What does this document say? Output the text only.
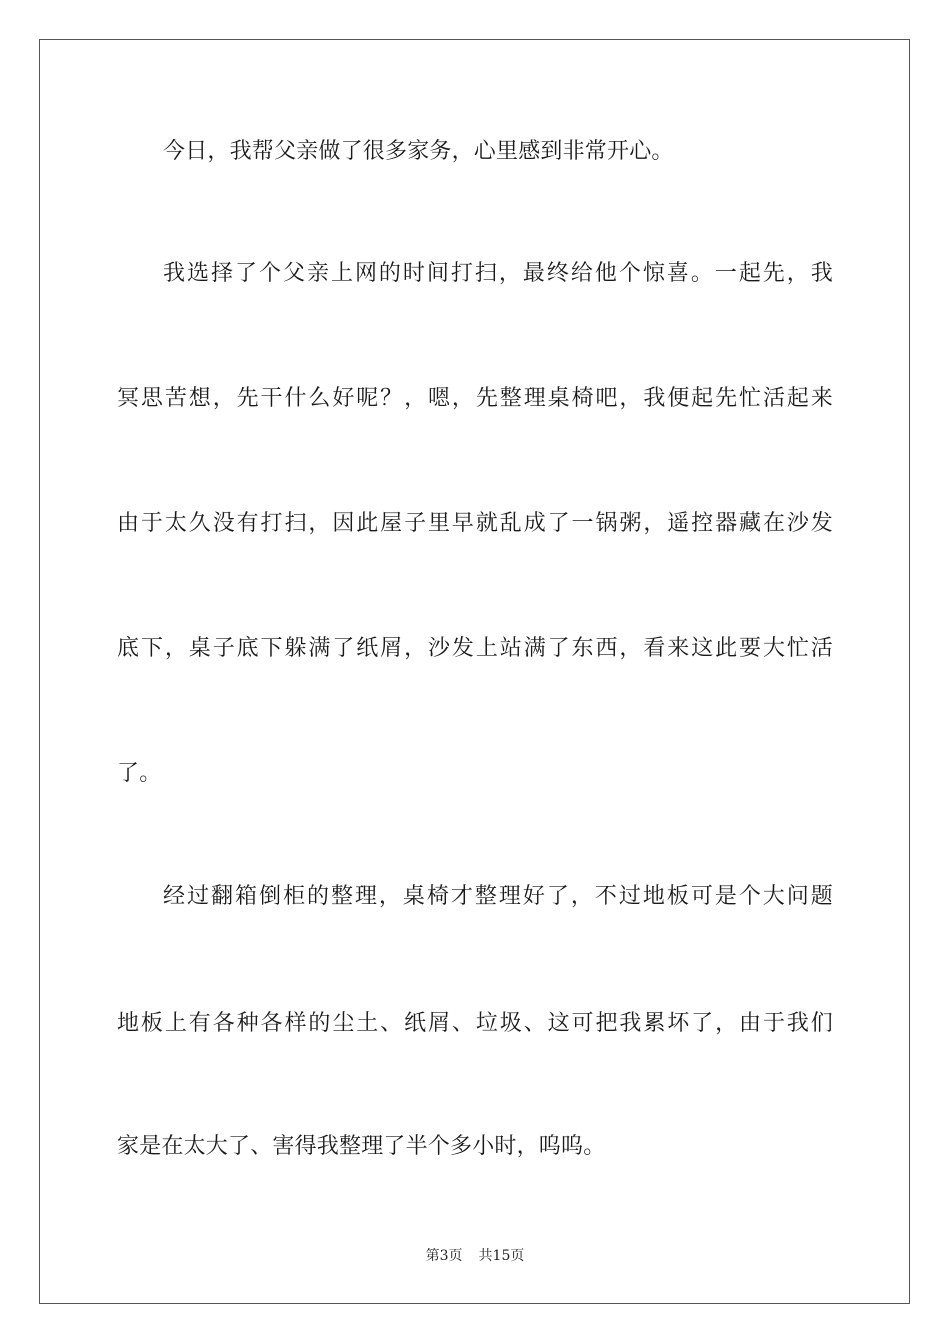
今日，我帮父亲做了很多家务，心里感到非常开心。
我选择了个父亲上网的时间打扫，最终给他个惊喜。一起先，我
冥思苦想，先干什么好呢？，嗯，先整理桌椅吧，我便起先忙活起来
由于太久没有打扫，因此屋子里早就乱成了一锅粥，遥控器藏在沙发
底下，桌子底下躲满了纸屑，沙发上站满了东西，看来这此要大忙活
了。
经过翻箱倒柜的整理，桌椅才整理好了，不过地板可是个大问题
地板上有各种各样的尘土、纸屑、垃圾、这可把我累坏了，由于我们
家是在太大了、害得我整理了半个多小时，呜呜。
第3页 共15页
